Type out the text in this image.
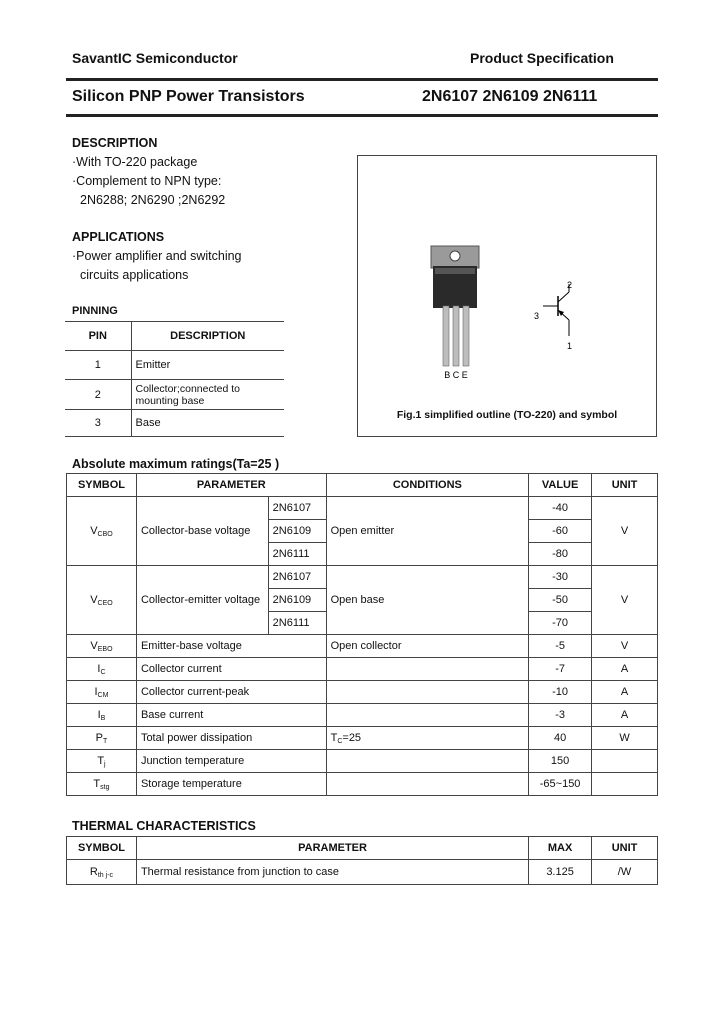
SavantIC Semiconductor	Product Specification
Silicon PNP Power Transistors	2N6107 2N6109 2N6111
DESCRIPTION
·With TO-220 package
·Complement to NPN type:
2N6288; 2N6290 ;2N6292
APPLICATIONS
·Power amplifier and switching
circuits applications
PINNING
PIN	DESCRIPTION
1	Emitter
2	Collector;connected to
mounting base

3	Base
B C E
3
2
1
Fig.1 simplified outline (TO-220) and symbol
Absolute maximum ratings(Ta=25 )
SYMBOL	PARAMETER		CONDITIONS	VALUE	UNIT
$V_{CBO}$	Collector-base voltage	2N6107	Open emitter	-40	V
		2N6109		-60	
		2N6111		-80	
$V_{CEO}$	Collector-emitter voltage	2N6107	Open base	-30	V
		2N6109		-50	
		2N6111		-70	
$V_{EBO}$	Emitter-base voltage		Open collector	-5	V
$I_C$	Collector current			-7	A
$I_{CM}$	Collector current-peak			-10	A
$I_B$	Base current			-3	A
$P_T$	Total power dissipation		$T_C=25$	40	W
$T_j$	Junction temperature			150	
$T_{stg}$	Storage temperature			-65~150	
THERMAL CHARACTERISTICS
SYMBOL	PARAMETER	MAX	UNIT
$R_{th j-c}$	Thermal resistance from junction to case	3.125	/W
